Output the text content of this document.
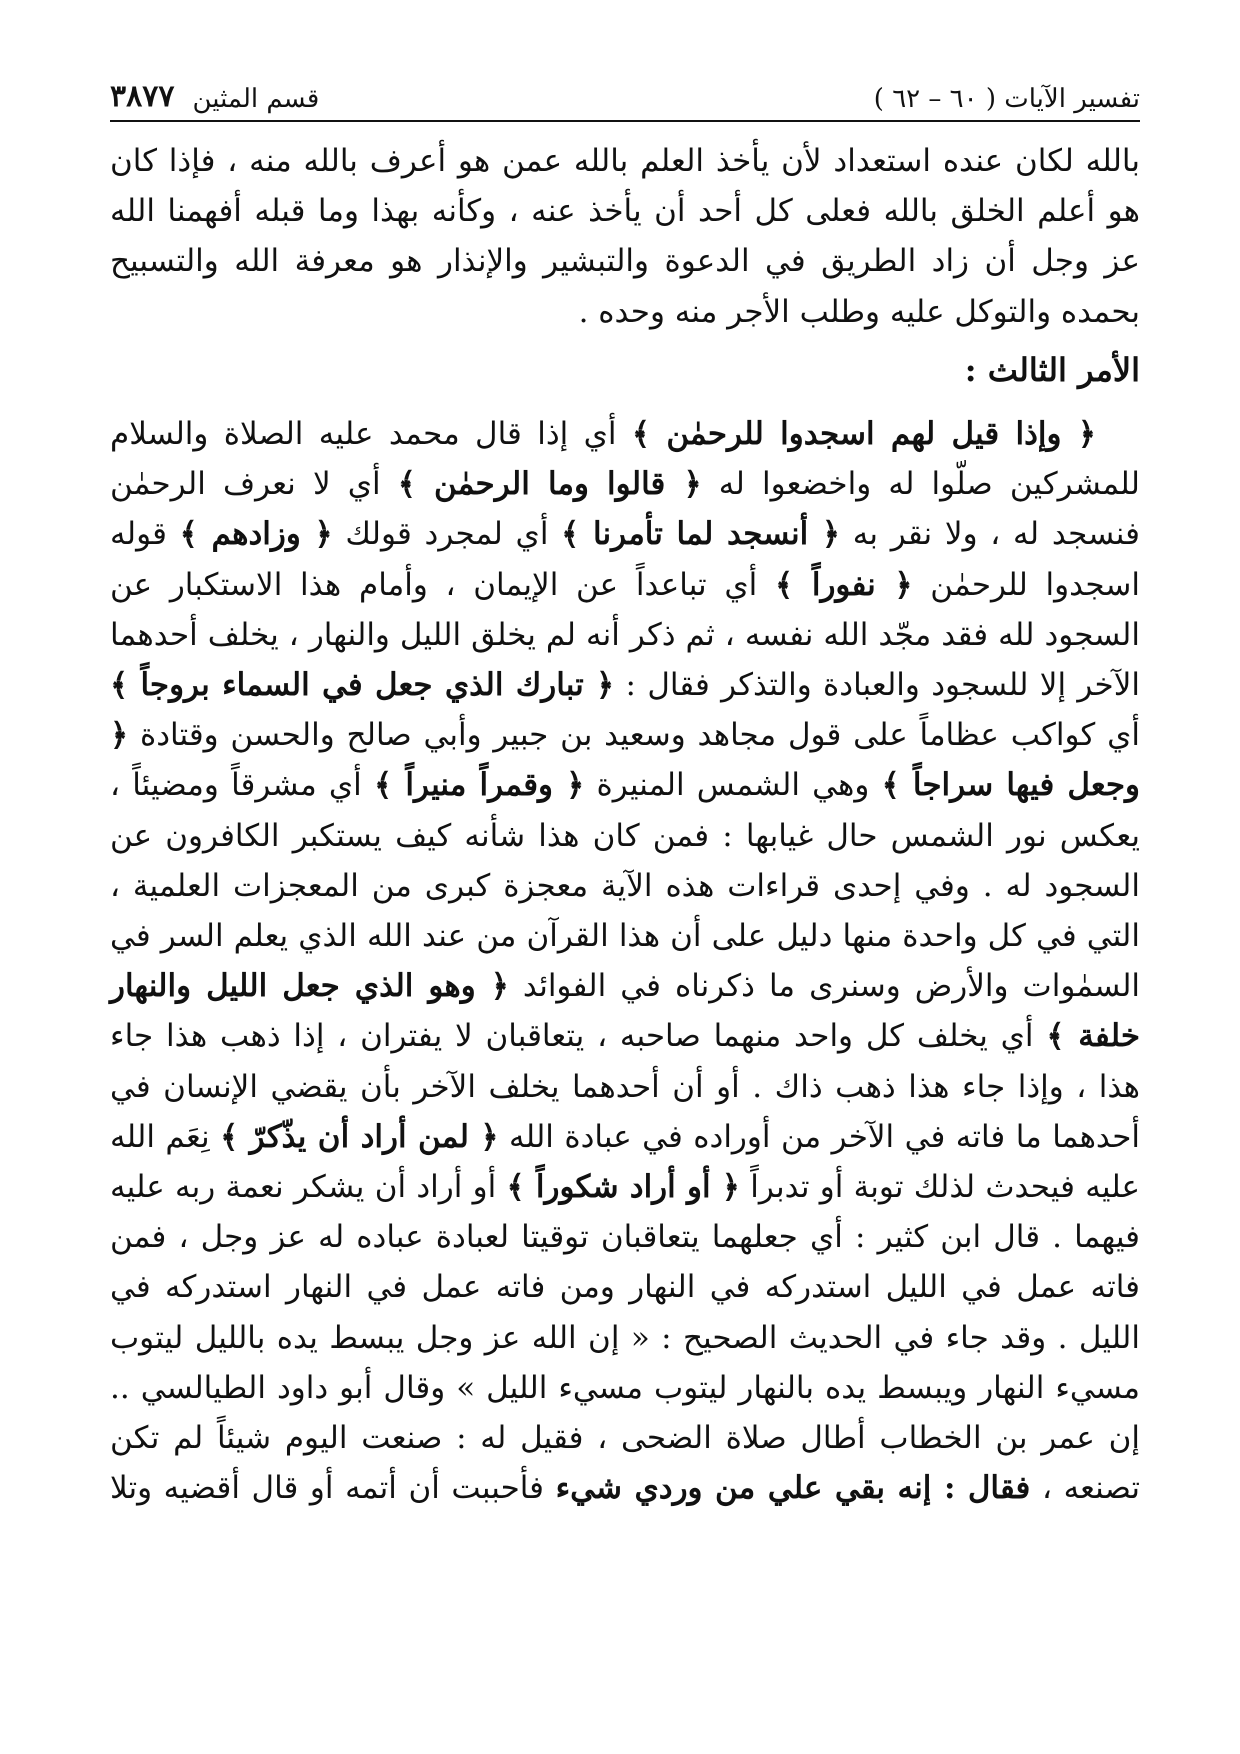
تفسير الآيات ( ٦٠ – ٦٢ )
قسم المثين
٣٨٧٧

بالله لكان عنده استعداد لأن يأخذ العلم بالله عمن هو أعرف بالله منه ، فإذا كان هو أعلم الخلق بالله فعلى كل أحد أن يأخذ عنه ، وكأنه بهذا وما قبله أفهمنا الله عز وجل أن زاد الطريق في الدعوة والتبشير والإنذار هو معرفة الله والتسبيح بحمده والتوكل عليه وطلب الأجر منه وحده .

الأمر الثالث :

﴿ وإذا قيل لهم اسجدوا للرحمٰن ﴾ أي إذا قال محمد عليه الصلاة والسلام للمشركين صلّوا له واخضعوا له ﴿ قالوا وما الرحمٰن ﴾ أي لا نعرف الرحمٰن فنسجد له ، ولا نقر به ﴿ أنسجد لما تأمرنا ﴾ أي لمجرد قولك ﴿ وزادهم ﴾ قوله اسجدوا للرحمٰن ﴿ نفوراً ﴾ أي تباعداً عن الإيمان ، وأمام هذا الاستكبار عن السجود لله فقد مجّد الله نفسه ، ثم ذكر أنه لم يخلق الليل والنهار ، يخلف أحدهما الآخر إلا للسجود والعبادة والتذكر فقال : ﴿ تبارك الذي جعل في السماء بروجاً ﴾ أي كواكب عظاماً على قول مجاهد وسعيد بن جبير وأبي صالح والحسن وقتادة ﴿ وجعل فيها سراجاً ﴾ وهي الشمس المنيرة ﴿ وقمراً منيراً ﴾ أي مشرقاً ومضيئاً ، يعكس نور الشمس حال غيابها : فمن كان هذا شأنه كيف يستكبر الكافرون عن السجود له . وفي إحدى قراءات هذه الآية معجزة كبرى من المعجزات العلمية ، التي في كل واحدة منها دليل على أن هذا القرآن من عند الله الذي يعلم السر في السمٰوات والأرض وسنرى ما ذكرناه في الفوائد ﴿ وهو الذي جعل الليل والنهار خلفة ﴾ أي يخلف كل واحد منهما صاحبه ، يتعاقبان لا يفتران ، إذا ذهب هذا جاء هذا ، وإذا جاء هذا ذهب ذاك . أو أن أحدهما يخلف الآخر بأن يقضي الإنسان في أحدهما ما فاته في الآخر من أوراده في عبادة الله ﴿ لمن أراد أن يذّكرّ ﴾ نِعَم الله عليه فيحدث لذلك توبة أو تدبراً ﴿ أو أراد شكوراً ﴾ أو أراد أن يشكر نعمة ربه عليه فيهما . قال ابن كثير : أي جعلهما يتعاقبان توقيتا لعبادة عباده له عز وجل ، فمن فاته عمل في الليل استدركه في النهار ومن فاته عمل في النهار استدركه في الليل . وقد جاء في الحديث الصحيح : « إن الله عز وجل يبسط يده بالليل ليتوب مسيء النهار ويبسط يده بالنهار ليتوب مسيء الليل » وقال أبو داود الطيالسي .. إن عمر بن الخطاب أطال صلاة الضحى ، فقيل له : صنعت اليوم شيئاً لم تكن تصنعه ، فقال : إنه بقي علي من وردي شيء فأحببت أن أتمه أو قال أقضيه وتلا
